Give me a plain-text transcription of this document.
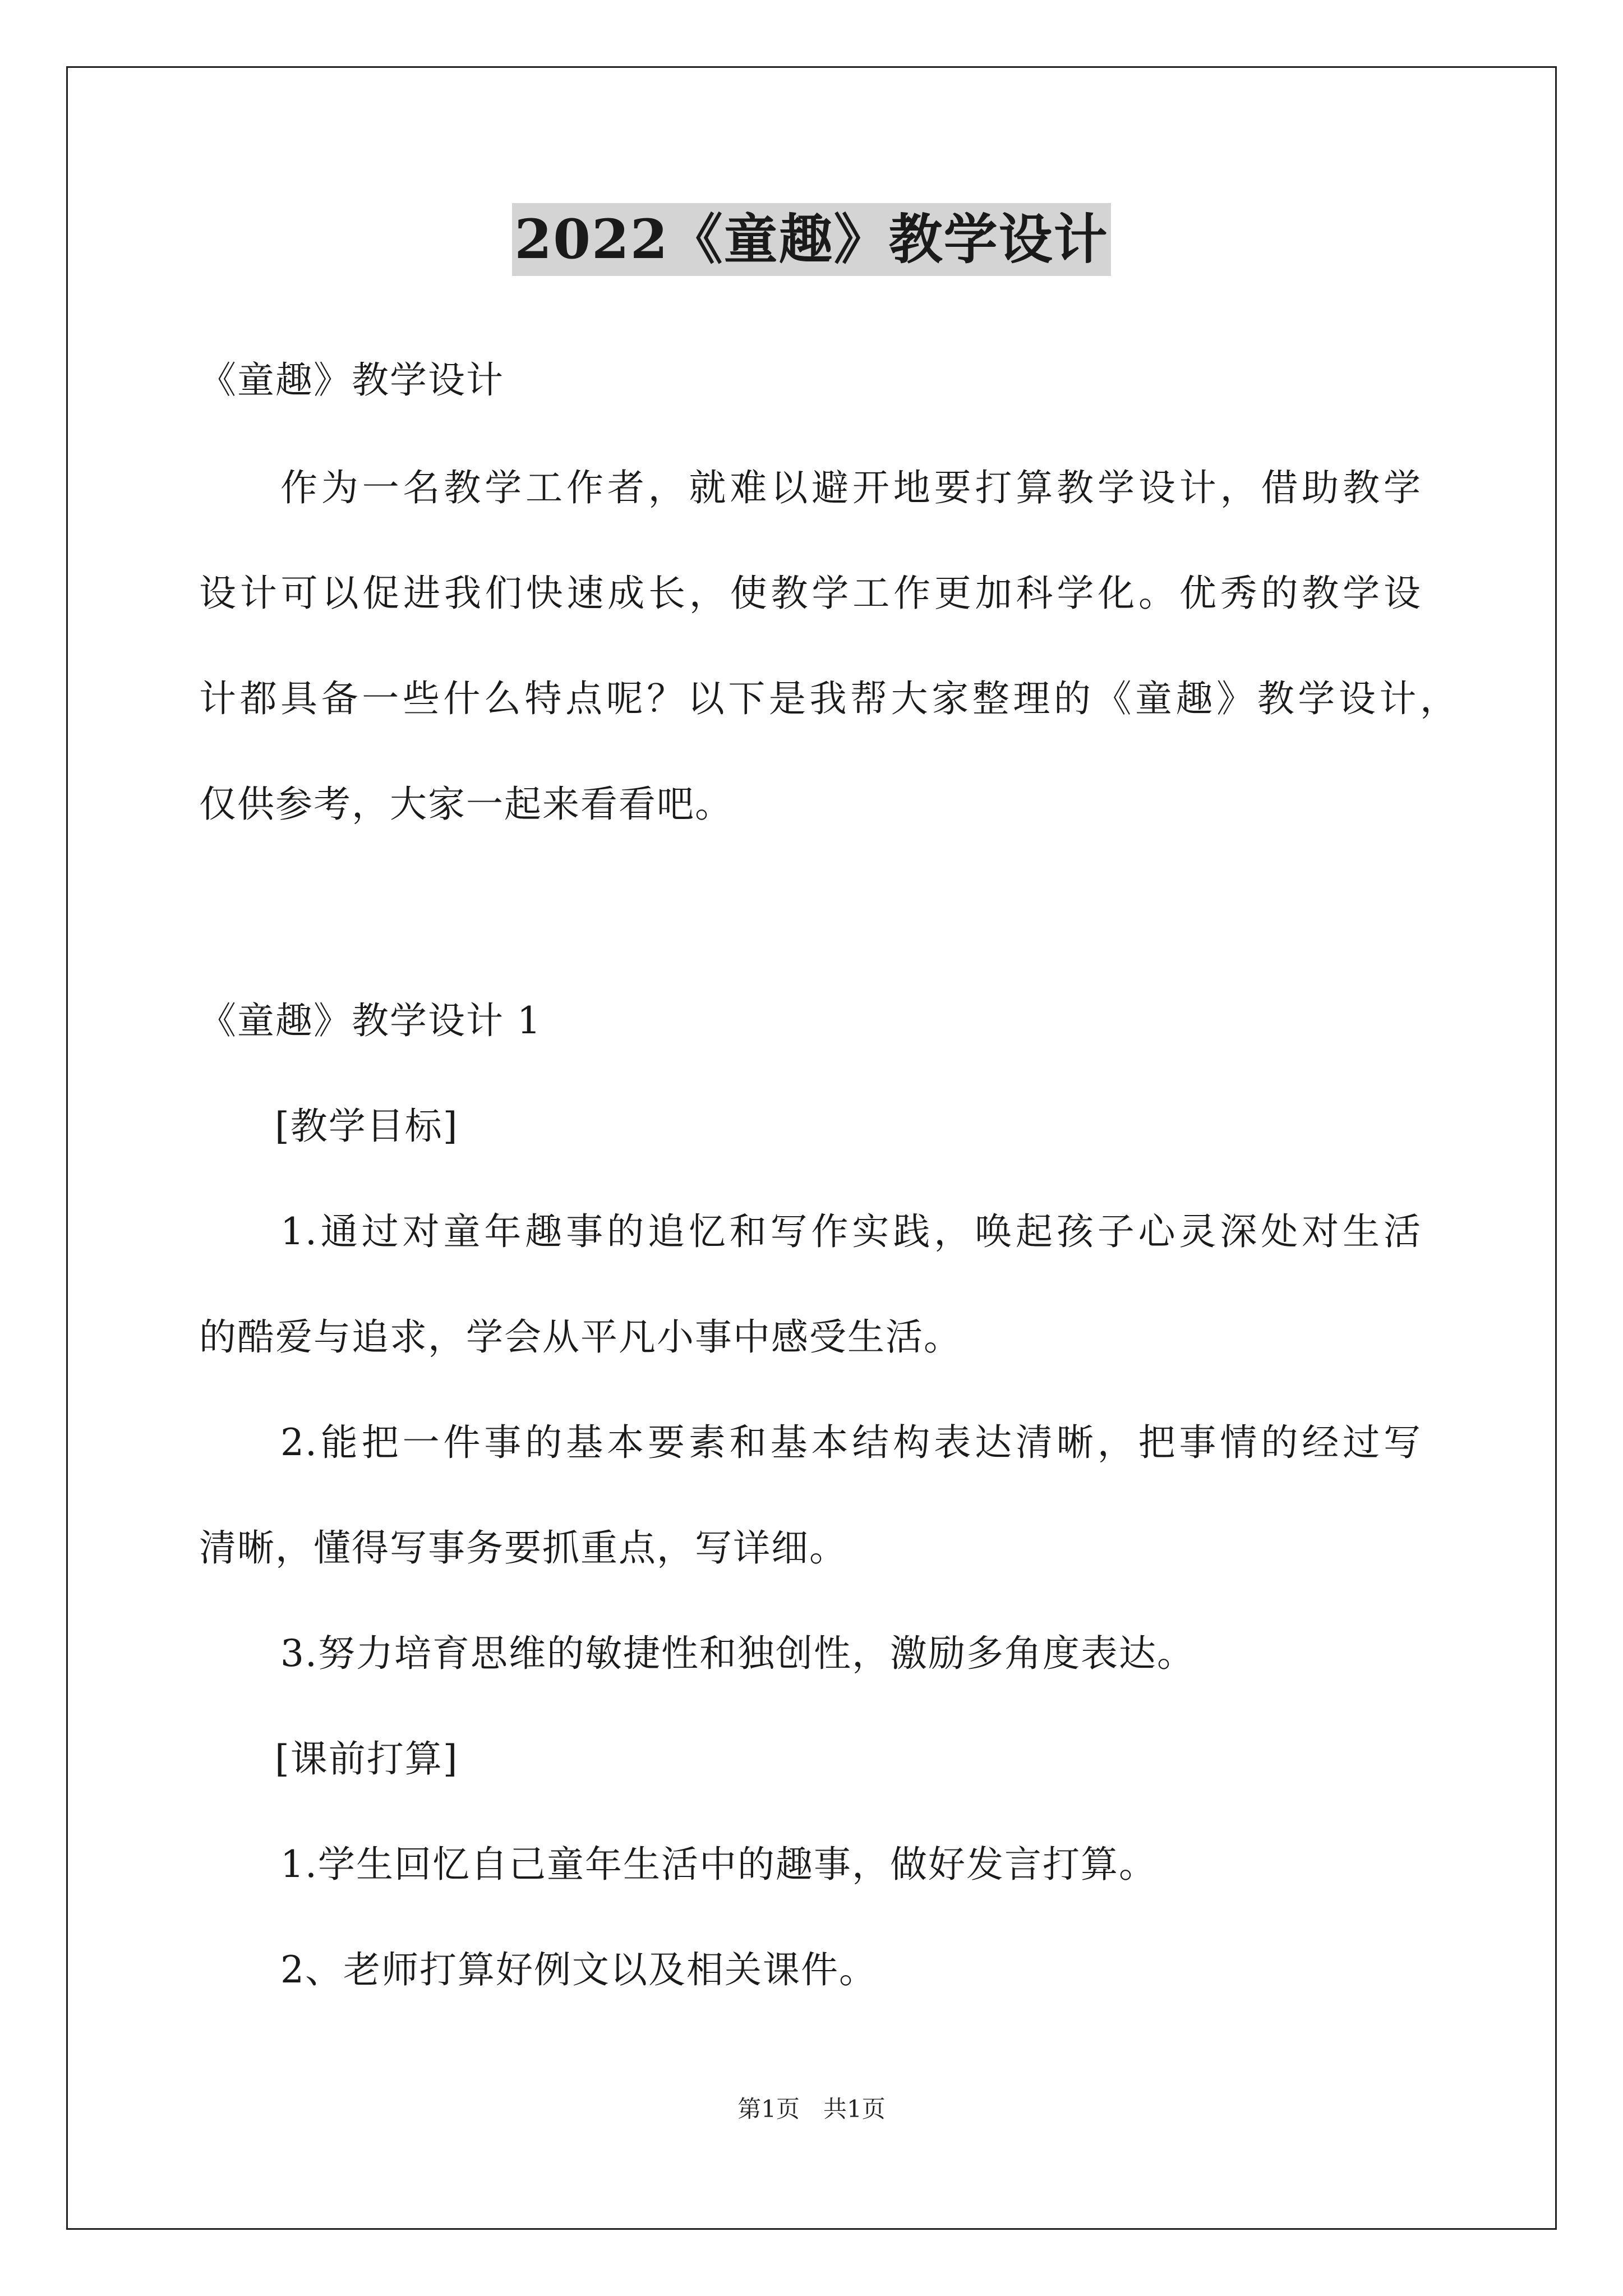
2022《童趣》教学设计
《童趣》教学设计
作为一名教学工作者，就难以避开地要打算教学设计，借助教学
设计可以促进我们快速成长，使教学工作更加科学化。优秀的教学设
计都具备一些什么特点呢？以下是我帮大家整理的《童趣》教学设计，
仅供参考，大家一起来看看吧。
《童趣》教学设计 1
[教学目标]
1.通过对童年趣事的追忆和写作实践，唤起孩子心灵深处对生活
的酷爱与追求，学会从平凡小事中感受生活。
2.能把一件事的基本要素和基本结构表达清晰，把事情的经过写
清晰，懂得写事务要抓重点，写详细。
3.努力培育思维的敏捷性和独创性，激励多角度表达。
[课前打算]
1.学生回忆自己童年生活中的趣事，做好发言打算。
2、老师打算好例文以及相关课件。
第1页　共1页
